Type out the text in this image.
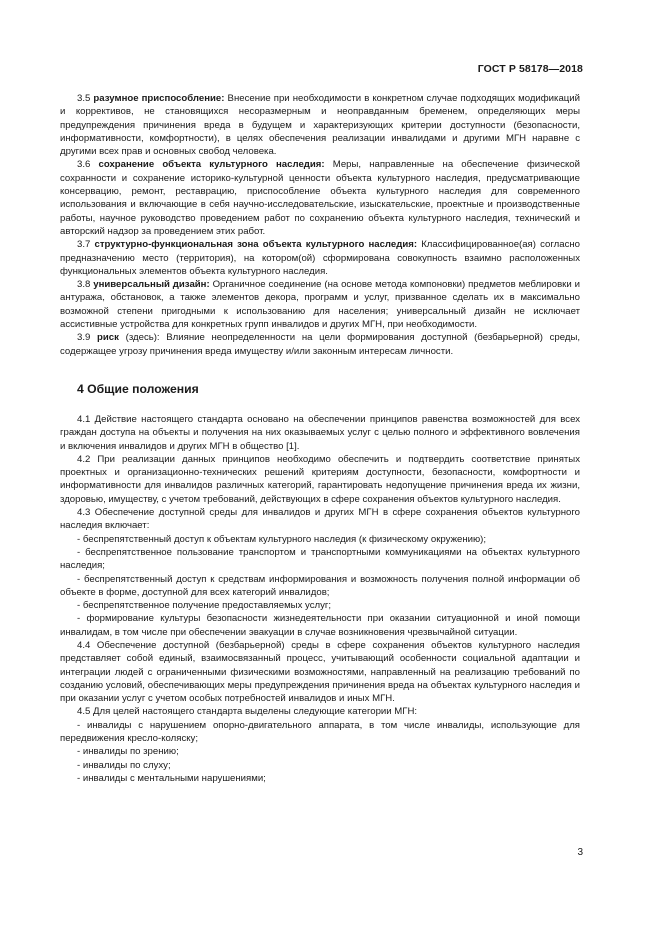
ГОСТ Р 58178—2018

3.5 разумное приспособление: Внесение при необходимости в конкретном случае подходящих модификаций и коррективов, не становящихся несоразмерным и неоправданным бременем, определяющих меры предупреждения причинения вреда в будущем и характеризующих критерии доступности (безопасности, информативности, комфортности), в целях обеспечения реализации инвалидами и другими МГН наравне с другими всех прав и основных свобод человека.

3.6 сохранение объекта культурного наследия: Меры, направленные на обеспечение физической сохранности и сохранение историко-культурной ценности объекта культурного наследия, предусматривающие консервацию, ремонт, реставрацию, приспособление объекта культурного наследия для современного использования и включающие в себя научно-исследовательские, изыскательские, проектные и производственные работы, научное руководство проведением работ по сохранению объекта культурного наследия, технический и авторский надзор за проведением этих работ.

3.7 структурно-функциональная зона объекта культурного наследия: Классифицированное(ая) согласно предназначению место (территория), на котором(ой) сформирована совокупность взаимно расположенных функциональных элементов объекта культурного наследия.

3.8 универсальный дизайн: Органичное соединение (на основе метода компоновки) предметов меблировки и антуража, обстановок, а также элементов декора, программ и услуг, призванное сделать их в максимально возможной степени пригодными к использованию для населения; универсальный дизайн не исключает ассистивные устройства для конкретных групп инвалидов и других МГН, при необходимости.

3.9 риск (здесь): Влияние неопределенности на цели формирования доступной (безбарьерной) среды, содержащее угрозу причинения вреда имуществу и/или законным интересам личности.

4 Общие положения

4.1 Действие настоящего стандарта основано на обеспечении принципов равенства возможностей для всех граждан доступа на объекты и получения на них оказываемых услуг с целью полного и эффективного вовлечения и включения инвалидов и других МГН в общество [1].

4.2 При реализации данных принципов необходимо обеспечить и подтвердить соответствие принятых проектных и организационно-технических решений критериям доступности, безопасности, комфортности и информативности для инвалидов различных категорий, гарантировать недопущение причинения вреда их жизни, здоровью, имуществу, с учетом требований, действующих в сфере сохранения объектов культурного наследия.

4.3 Обеспечение доступной среды для инвалидов и других МГН в сфере сохранения объектов культурного наследия включает:

- беспрепятственный доступ к объектам культурного наследия (к физическому окружению);

- беспрепятственное пользование транспортом и транспортными коммуникациями на объектах культурного наследия;

- беспрепятственный доступ к средствам информирования и возможность получения полной информации об объекте в форме, доступной для всех категорий инвалидов;

- беспрепятственное получение предоставляемых услуг;

- формирование культуры безопасности жизнедеятельности при оказании ситуационной и иной помощи инвалидам, в том числе при обеспечении эвакуации в случае возникновения чрезвычайной ситуации.

4.4 Обеспечение доступной (безбарьерной) среды в сфере сохранения объектов культурного наследия представляет собой единый, взаимосвязанный процесс, учитывающий особенности социальной адаптации и интеграции людей с ограниченными физическими возможностями, направленный на реализацию требований по созданию условий, обеспечивающих меры предупреждения причинения вреда на объектах культурного наследия и при оказании услуг с учетом особых потребностей инвалидов и иных МГН.

4.5 Для целей настоящего стандарта выделены следующие категории МГН:

- инвалиды с нарушением опорно-двигательного аппарата, в том числе инвалиды, использующие для передвижения кресло-коляску;

- инвалиды по зрению;

- инвалиды по слуху;

- инвалиды с ментальными нарушениями;

3
